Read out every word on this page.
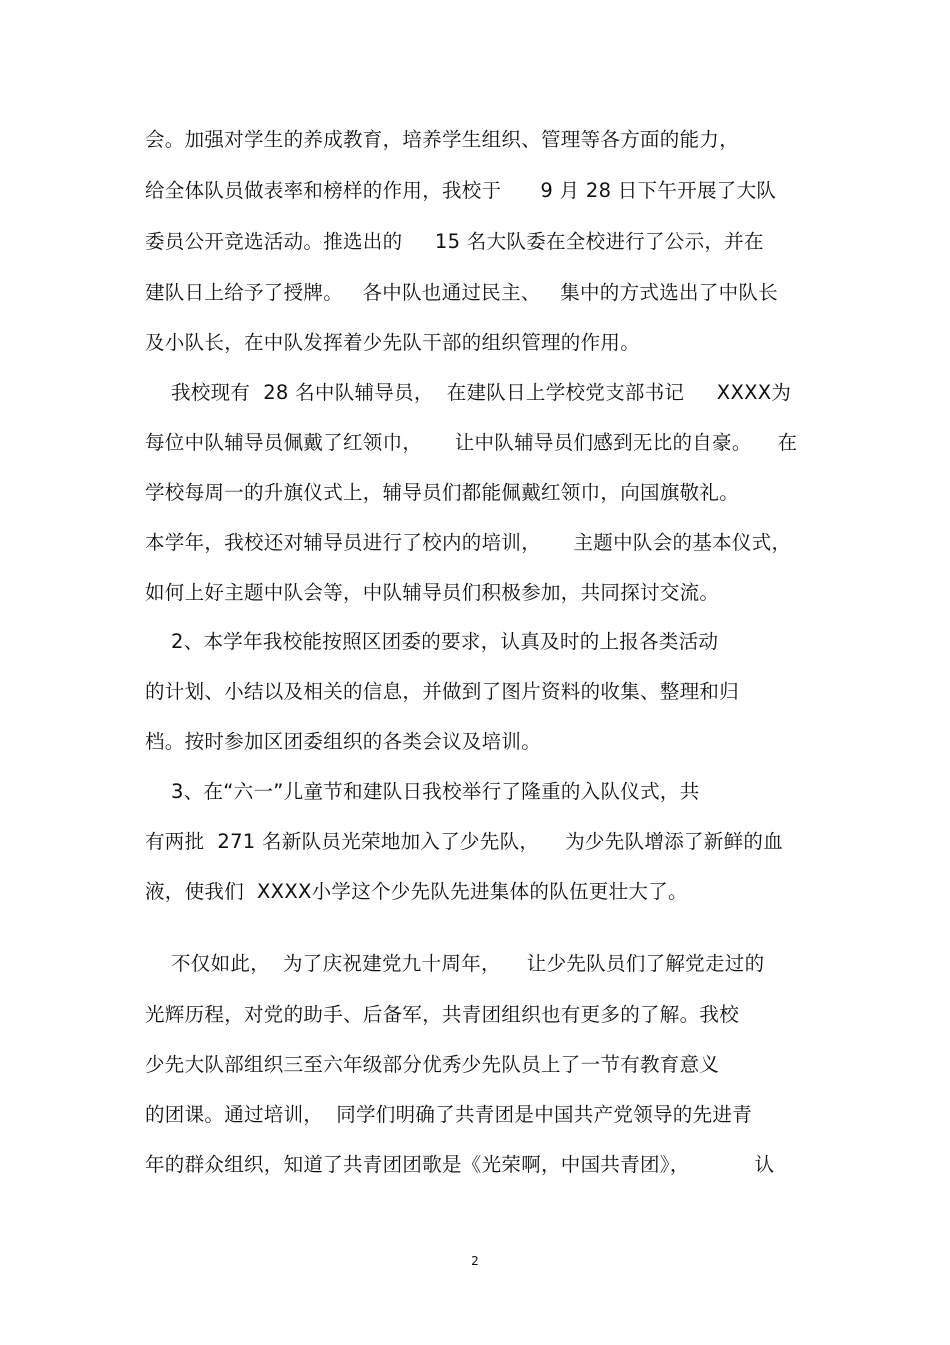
会。加强对学生的养成教育，培养学生组织、管理等各方面的能力，
给全体队员做表率和榜样的作用，我校于      9 月 28 日下午开展了大队
委员公开竞选活动。推选出的     15 名大队委在全校进行了公示，并在
建队日上给予了授牌。   各中队也通过民主、   集中的方式选出了中队长
及小队长，在中队发挥着少先队干部的组织管理的作用。
我校现有  28 名中队辅导员，  在建队日上学校党支部书记     XXXX为
每位中队辅导员佩戴了红领巾，     让中队辅导员们感到无比的自豪。    在
学校每周一的升旗仪式上，辅导员们都能佩戴红领巾，向国旗敬礼。
本学年，我校还对辅导员进行了校内的培训，     主题中队会的基本仪式，
如何上好主题中队会等，中队辅导员们积极参加，共同探讨交流。
2、本学年我校能按照区团委的要求，认真及时的上报各类活动
的计划、小结以及相关的信息，并做到了图片资料的收集、整理和归
档。按时参加区团委组织的各类会议及培训。
3、在“六一”儿童节和建队日我校举行了隆重的入队仪式，共
有两批  271 名新队员光荣地加入了少先队，    为少先队增添了新鲜的血
液，使我们  XXXX小学这个少先队先进集体的队伍更壮大了。
不仅如此，  为了庆祝建党九十周年，    让少先队员们了解党走过的
光辉历程，对党的助手、后备军，共青团组织也有更多的了解。我校
少先大队部组织三至六年级部分优秀少先队员上了一节有教育意义
的团课。通过培训，  同学们明确了共青团是中国共产党领导的先进青
年的群众组织，知道了共青团团歌是《光荣啊，中国共青团》，          认
2
